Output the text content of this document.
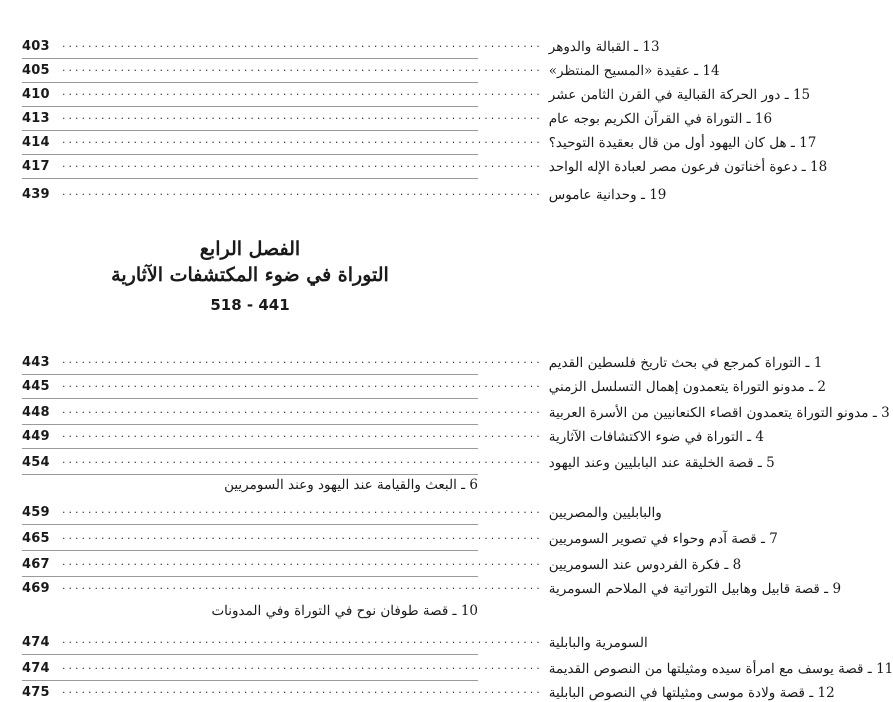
403	.......................................................................... 13 ـ القبالة والدوهر
405	.......................................................................... 14 ـ عقيدة «المسيح المنتظر»
410	.......................................................................... 15 ـ دور الحركة القبالية في القرن الثامن عشر
413	.......................................................................... 16 ـ التوراة في القرآن الكريم بوجه عام
414	.......................................................................... 17 ـ هل كان اليهود أول من قال بعقيدة التوحيد؟
417	.......................................................................... 18 ـ دعوة أخناتون فرعون مصر لعبادة الإله الواحد
439	.......................................................................... 19 ـ وحدانية عاموس
الفصل الرابع
التوراة في ضوء المكتشفات الآثارية
518 - 441
443	.......................................................................... 1 ـ التوراة كمرجع في بحث تاريخ فلسطين القديم
445	.......................................................................... 2 ـ مدونو التوراة يتعمدون إهمال التسلسل الزمني
448	.......................................................................... 3 ـ مدونو التوراة يتعمدون اقصاء الكنعانيين من الأسرة العربية
449	.......................................................................... 4 ـ التوراة في ضوء الاكتشافات الآثارية
454	.......................................................................... 5 ـ قصة الخليقة عند البابليين وعند اليهود
6 ـ البعث والقيامة عند اليهود وعند السومريين
459	.......................................................................... والبابليين والمصريين
465	.......................................................................... 7 ـ قصة آدم وحواء في تصوير السومريين
467	.......................................................................... 8 ـ فكرة الفردوس عند السومريين
469	.......................................................................... 9 ـ قصة قابيل وهابيل التوراتية في الملاحم السومرية
10 ـ قصة طوفان نوح في التوراة وفي المدونات
474	.......................................................................... السومرية والبابلية
474	.......................................................................... 11 ـ قصة يوسف مع امرأة سيده ومثيلتها من النصوص القديمة
475	.......................................................................... 12 ـ قصة ولادة موسى ومثيلتها في النصوص البابلية
